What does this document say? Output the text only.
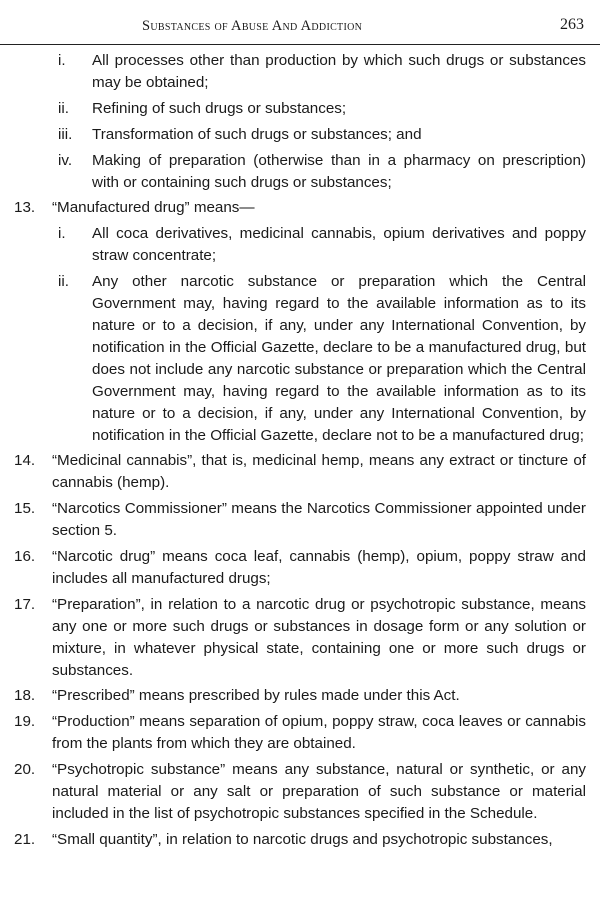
Substances of Abuse And Addiction	263
i.	All processes other than production by which such drugs or substances may be obtained;
ii.	Refining of such drugs or substances;
iii.	Transformation of such drugs or substances; and
iv.	Making of preparation (otherwise than in a pharmacy on prescription) with or containing such drugs or substances;
13. “Manufactured drug” means—
i.	All coca derivatives, medicinal cannabis, opium derivatives and poppy straw concentrate;
ii.	Any other narcotic substance or preparation which the Central Government may, having regard to the available information as to its nature or to a decision, if any, under any International Convention, by notification in the Official Gazette, declare to be a manufactured drug, but does not include any narcotic substance or preparation which the Central Government may, having regard to the available information as to its nature or to a decision, if any, under any International Convention, by notification in the Official Gazette, declare not to be a manufactured drug;
14. “Medicinal cannabis”, that is, medicinal hemp, means any extract or tincture of cannabis (hemp).
15. “Narcotics Commissioner” means the Narcotics Commissioner appointed under section 5.
16. “Narcotic drug” means coca leaf, cannabis (hemp), opium, poppy straw and includes all manufactured drugs;
17. “Preparation”, in relation to a narcotic drug or psychotropic substance, means any one or more such drugs or substances in dosage form or any solution or mixture, in whatever physical state, containing one or more such drugs or substances.
18. “Prescribed” means prescribed by rules made under this Act.
19. “Production” means separation of opium, poppy straw, coca leaves or cannabis from the plants from which they are obtained.
20. “Psychotropic substance” means any substance, natural or synthetic, or any natural material or any salt or preparation of such substance or material included in the list of psychotropic substances specified in the Schedule.
21. “Small quantity”, in relation to narcotic drugs and psychotropic substances,
